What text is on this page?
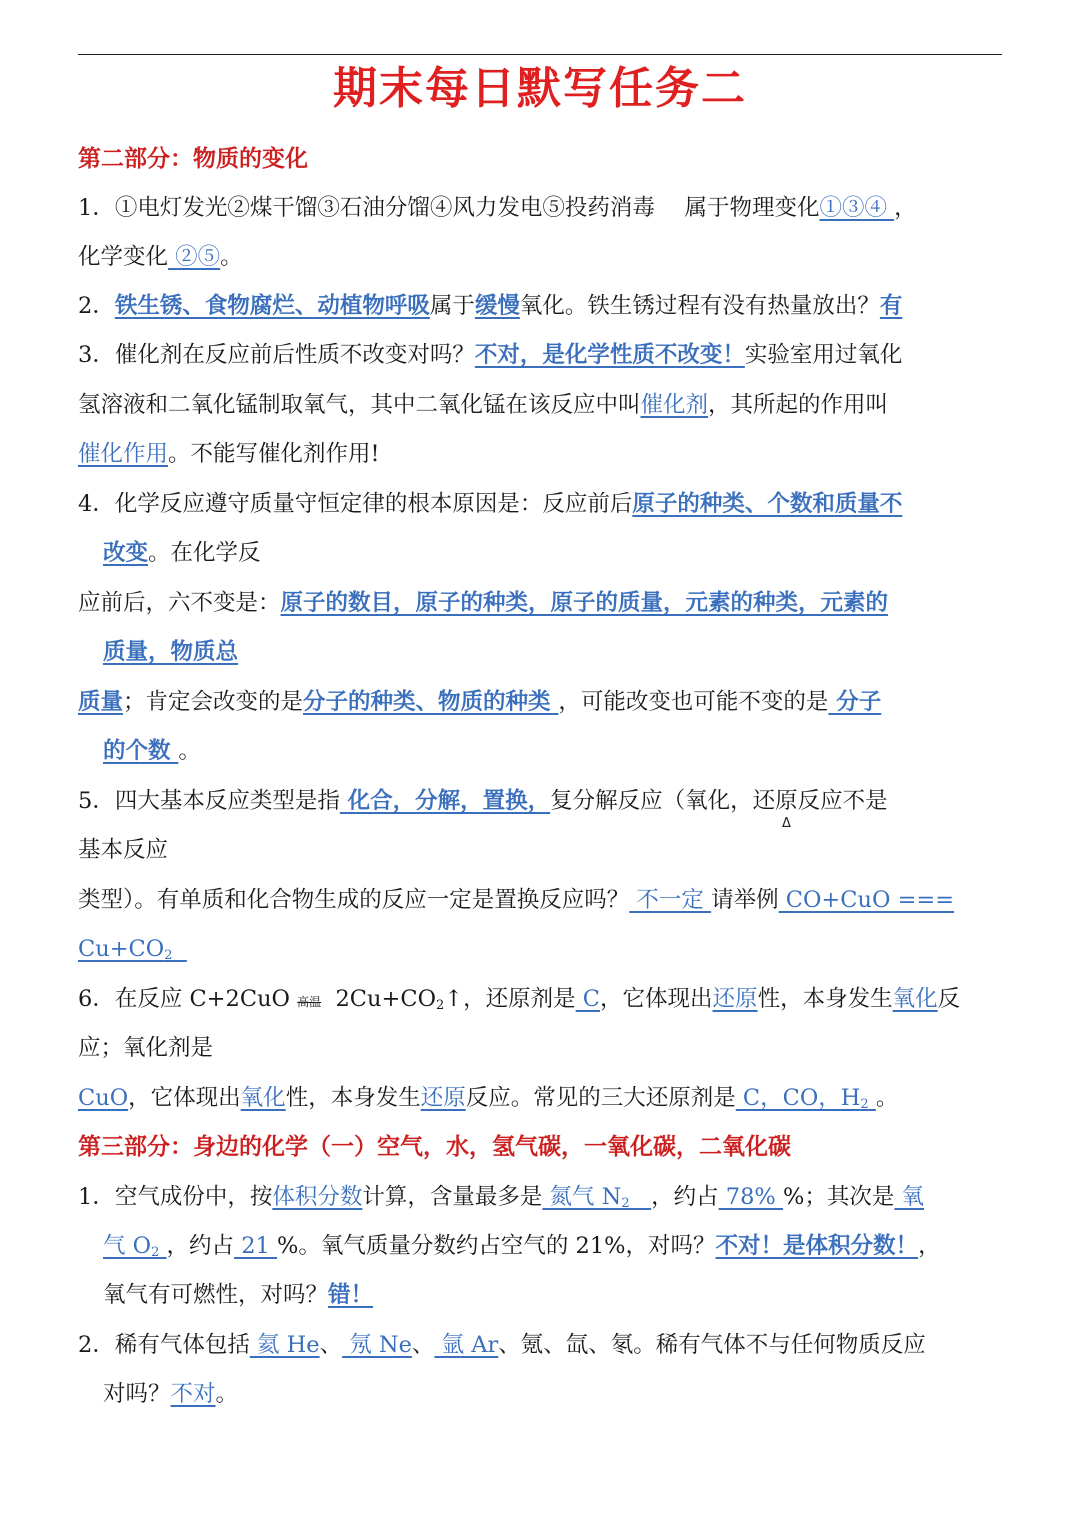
期末每日默写任务二
第二部分：物质的变化
1．①电灯发光②煤干馏③石油分馏④风力发电⑤投药消毒　 属于物理变化①③④ ，
化学变化 ②⑤。
2．铁生锈、食物腐烂、动植物呼吸属于缓慢氧化。铁生锈过程有没有热量放出？有
3．催化剂在反应前后性质不改变对吗？不对，是化学性质不改变！实验室用过氧化
氢溶液和二氧化锰制取氧气，其中二氧化锰在该反应中叫催化剂，其所起的作用叫
催化作用。不能写催化剂作用!
4．化学反应遵守质量守恒定律的根本原因是：反应前后原子的种类、个数和质量不
改变。在化学反
应前后，六不变是：原子的数目，原子的种类，原子的质量，元素的种类，元素的
质量，物质总
质量；肯定会改变的是分子的种类、物质的种类 ，可能改变也可能不变的是 分子
的个数 。
5．四大基本反应类型是指 化合，分解，置换，复分解反应（氧化，还原反应不是
Δ
基本反应
类型）。有单质和化合物生成的反应一定是置换反应吗？ 不一定 请举例 CO+CuO ===
$Cu+CO_2$
6．在反应 C+2CuO 高温  $2Cu+CO_2↑$，还原剂是 C，它体现出还原性，本身发生氧化反
应；氧化剂是
CuO，它体现出氧化性，本身发生还原反应。常见的三大还原剂是 C，CO，$H_2$ 。
第三部分：身边的化学（一）空气，水，氢气碳，一氧化碳，二氧化碳
1．空气成份中，按体积分数计算，含量最多是 氮气 $N_2$ ，约占 78% %；其次是 氧
气 $O_2$ ，约占 21 %。氧气质量分数约占空气的 21%，对吗？不对！是体积分数！，
氧气有可燃性，对吗？错！
2．稀有气体包括 氦 He、 氖 Ne、 氩 Ar、氪、氙、氡。稀有气体不与任何物质反应
对吗？不对。
